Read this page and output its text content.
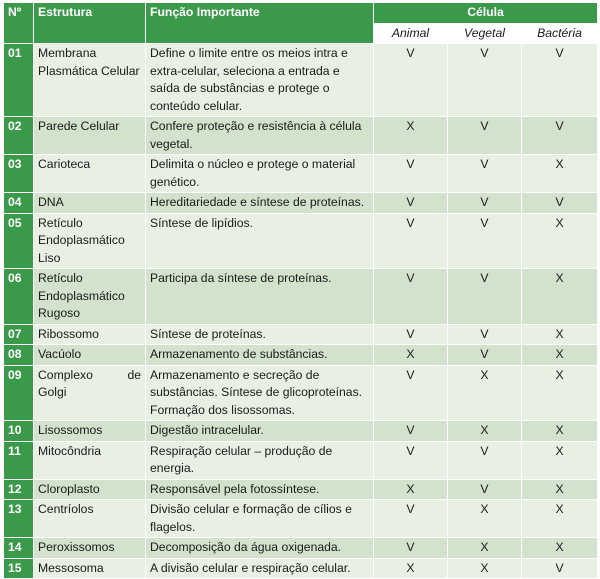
Nº	Estrutura	Função Importante	Célula		
			Animal	Vegetal	Bactéria
01	Membrana Plasmática Celular	Define o limite entre os meios intra e extra-celular, seleciona a entrada e saída de substâncias e protege o conteúdo celular.	V	V	V
02	Parede Celular	Confere proteção e resistência à célula vegetal.	X	V	V
03	Carioteca	Delimita o núcleo e protege o material genético.	V	V	X
04	DNA	Hereditariedade e síntese de proteínas.	V	V	V
05	Retículo Endoplasmático Liso	Síntese de lipídios.	V	V	X
06	Retículo Endoplasmático Rugoso	Participa da síntese de proteínas.	V	V	X
07	Ribossomo	Síntese de proteínas.	V	V	X
08	Vacúolo	Armazenamento de substâncias.	X	V	X
09	Complexo de Golgi	Armazenamento e secreção de substâncias. Síntese de glicoproteínas. Formação dos lisossomas.	V	X	X
10	Lisossomos	Digestão intracelular.	V	X	X
11	Mitocôndria	Respiração celular – produção de energia.	V	V	X
12	Cloroplasto	Responsável pela fotossíntese.	X	V	X
13	Centríolos	Divisão celular e formação de cílios e flagelos.	V	X	X
14	Peroxissomos	Decomposição da água oxigenada.	V	X	X
15	Messosoma	A divisão celular e respiração celular.	X	X	V
